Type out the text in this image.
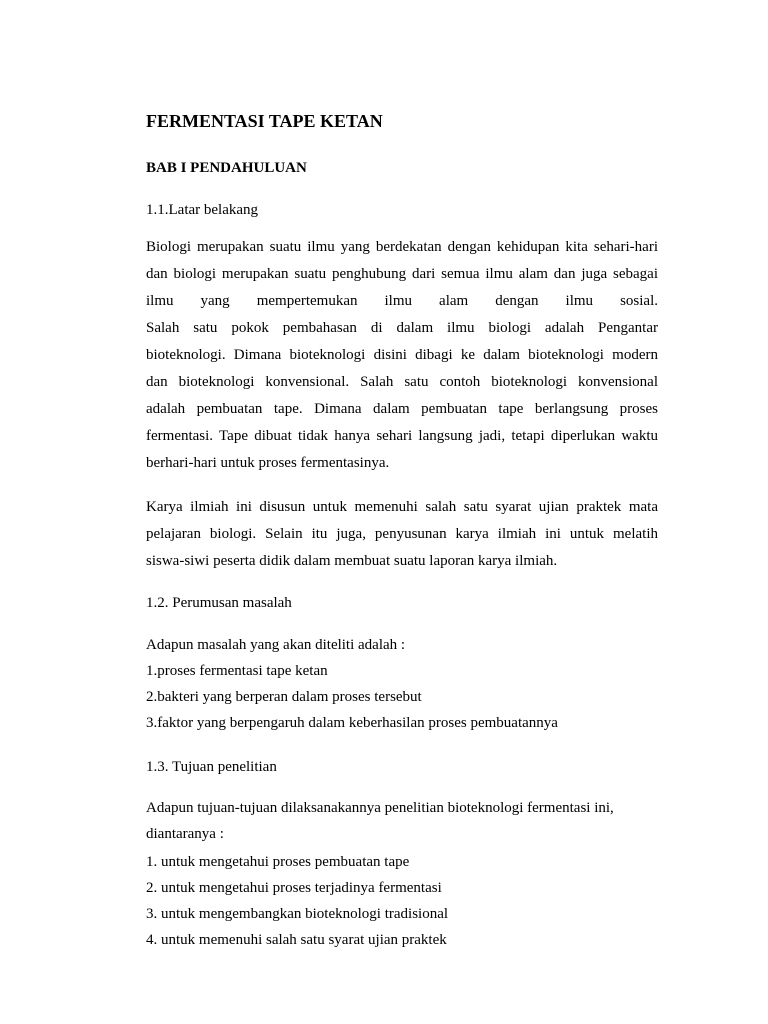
FERMENTASI TAPE KETAN
BAB I PENDAHULUAN
1.1.Latar belakang
Biologi merupakan suatu ilmu yang berdekatan dengan kehidupan kita sehari-hari
dan biologi merupakan suatu penghubung dari semua ilmu alam dan juga sebagai
ilmu yang mempertemukan ilmu alam dengan ilmu sosial.
Salah satu pokok pembahasan di dalam ilmu biologi adalah Pengantar
bioteknologi. Dimana bioteknologi disini dibagi ke dalam bioteknologi modern
dan bioteknologi konvensional. Salah satu contoh bioteknologi konvensional
adalah pembuatan tape. Dimana dalam pembuatan tape berlangsung proses
fermentasi. Tape dibuat tidak hanya sehari langsung jadi, tetapi diperlukan waktu
berhari-hari untuk proses fermentasinya.
Karya ilmiah ini disusun untuk memenuhi salah satu syarat ujian praktek mata
pelajaran biologi. Selain itu juga, penyusunan karya ilmiah ini untuk melatih
siswa-siwi peserta didik dalam membuat suatu laporan karya ilmiah.
1.2. Perumusan masalah
Adapun masalah yang akan diteliti adalah :
1.proses fermentasi tape ketan
2.bakteri yang berperan dalam proses tersebut
3.faktor yang berpengaruh dalam keberhasilan proses pembuatannya
1.3. Tujuan penelitian
Adapun tujuan-tujuan dilaksanakannya penelitian bioteknologi fermentasi ini,
diantaranya :
1. untuk mengetahui proses pembuatan tape
2. untuk mengetahui proses terjadinya fermentasi
3. untuk mengembangkan bioteknologi tradisional
4. untuk memenuhi salah satu syarat ujian praktek
